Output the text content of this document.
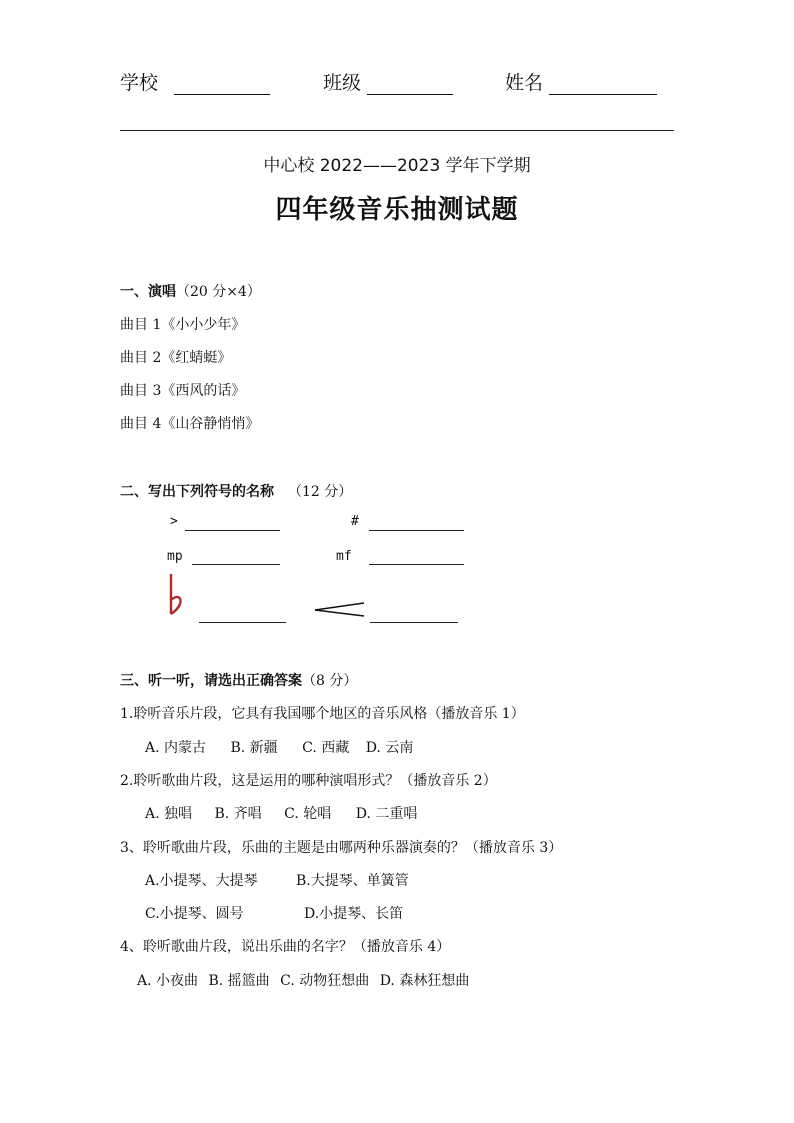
学校	班级	姓名
中心校 2022——2023 学年下学期
四年级音乐抽测试题
一、演唱（20 分×4）
曲目 1《小小少年》
曲目 2《红蜻蜓》
曲目 3《西风的话》
曲目 4《山谷静悄悄》
二、写出下列符号的名称 （12 分）
>	#
mp	mf
三、听一听，请选出正确答案（8 分）
1.聆听音乐片段，它具有我国哪个地区的音乐风格（播放音乐 1）
A. 内蒙古 B. 新疆 C. 西藏 D. 云南
2.聆听歌曲片段，这是运用的哪种演唱形式？（播放音乐 2）
A. 独唱 B. 齐唱 C. 轮唱 D. 二重唱
3、聆听歌曲片段，乐曲的主题是由哪两种乐器演奏的？（播放音乐 3）
A.小提琴、大提琴	B.大提琴、单簧管
C.小提琴、圆号	D.小提琴、长笛
4、聆听歌曲片段，说出乐曲的名字？（播放音乐 4）
A. 小夜曲 B. 摇篮曲 C. 动物狂想曲 D. 森林狂想曲
